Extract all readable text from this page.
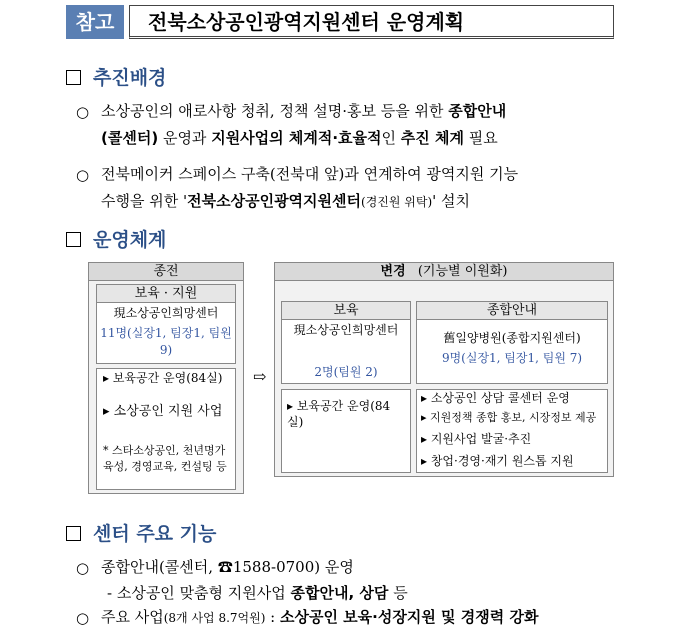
참고	전북소상공인광역지원센터 운영계획
추진배경
○ 소상공인의 애로사항 청취, 정책 설명·홍보 등을 위한 종합안내
(콜센터) 운영과 지원사업의 체계적·효율적인 추진 체계 필요
○ 전북메이커 스페이스 구축(전북대 앞)과 연계하여 광역지원 기능
수행을 위한 '전북소상공인광역지원센터(경진원 위탁)' 설치
운영체계
종전
보육 · 지원
現소상공인희망센터
11명(실장1, 팀장1, 팀원 9)
▸ 보육공간 운영(84실)
▸ 소상공인 지원 사업
* 스타소상공인, 천년명가육성, 경영교육, 컨설팅 등
⇨
변경 (기능별 이원화)
보육
現소상공인희망센터
2명(팀원 2)
▸ 보육공간 운영(84실)
종합안내
舊일양병원(종합지원센터)
9명(실장1, 팀장1, 팀원 7)
▸ 소상공인 상담 콜센터 운영
▸ 지원정책 종합 홍보, 시장정보 제공
▸ 지원사업 발굴·추진
▸ 창업·경영·재기 원스톱 지원
센터 주요 기능
○ 종합안내(콜센터, ☎1588-0700) 운영
- 소상공인 맞춤형 지원사업 종합안내, 상담 등
○ 주요 사업(8개 사업 8.7억원) : 소상공인 보육·성장지원 및 경쟁력 강화
